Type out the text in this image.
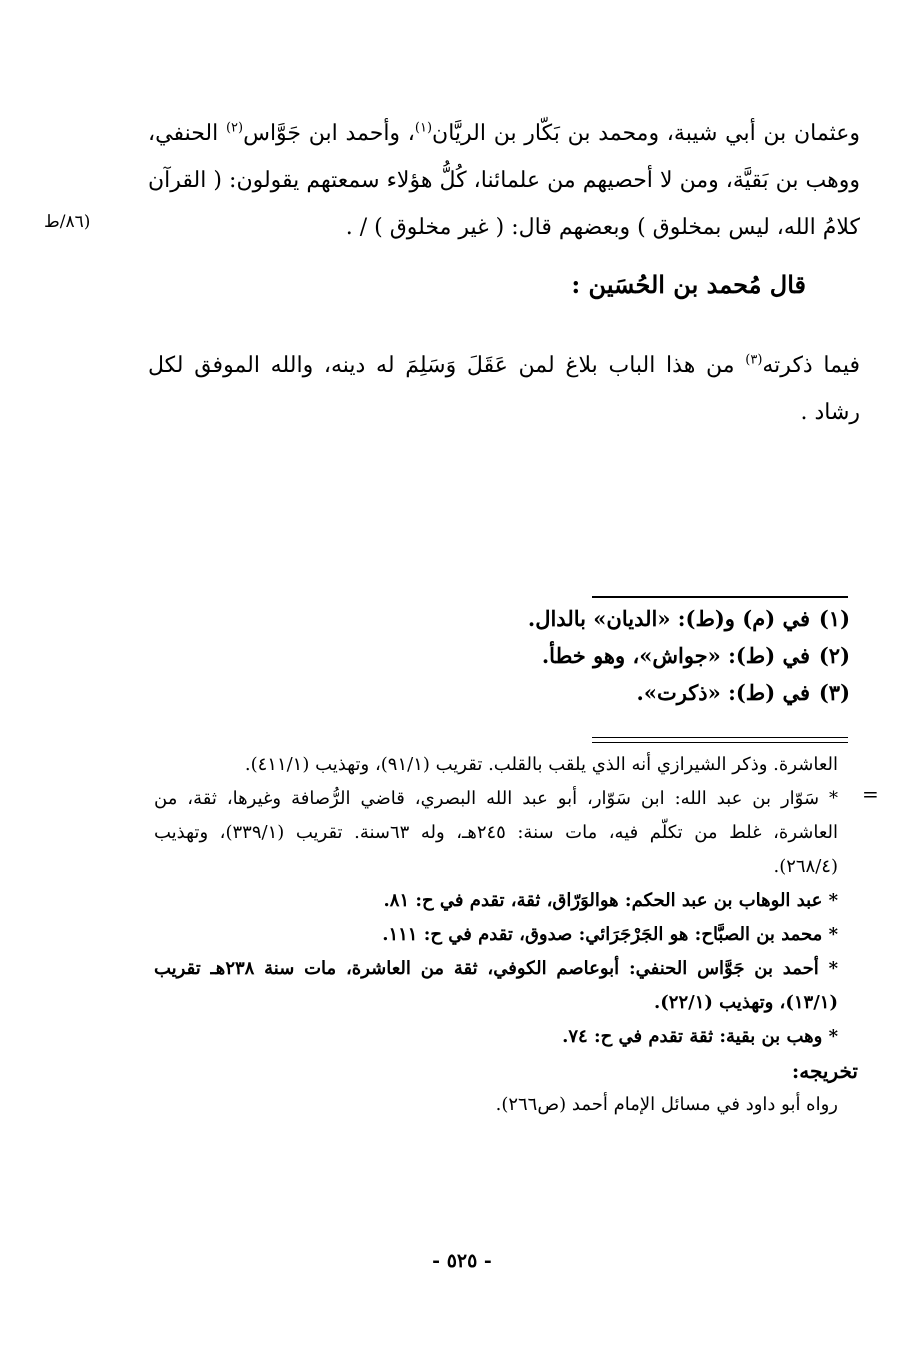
وعثمان بن أبي شيبة، ومحمد بن بَكّار بن الريَّان$^{(١)}$، وأحمد ابن جَوَّاس$^{(٢)}$ الحنفي، ووهب بن بَقيَّة، ومن لا أحصيهم من علمائنا، كُلُّ هؤلاء سمعتهم يقولون: ( القرآن كلامُ الله، ليس بمخلوق ) وبعضهم قال: ( غير مخلوق ) / .

(٨٦/ط
قال مُحمد بن الحُسَين :

فيما ذكرته$^{(٣)}$ من هذا الباب بلاغ لمن عَقَلَ وَسَلِمَ له دينه، والله الموفق لكل رشاد .

(١)في (م) و(ط): «الديان» بالدال.
(٢)في (ط): «جواش»، وهو خطأ.
(٣)في (ط): «ذكرت».
=

العاشرة. وذكر الشيرازي أنه الذي يلقب بالقلب. تقريب (٩١/١)، وتهذيب (٤١١/١).

* سَوّار بن عبد الله: ابن سَوّار، أبو عبد الله البصري، قاضي الرُّصافة وغيرها، ثقة، من العاشرة، غلط من تكلّم فيه، مات سنة: ٢٤٥هـ، وله ٦٣سنة. تقريب (٣٣٩/١)، وتهذيب (٢٦٨/٤).

* عبد الوهاب بن عبد الحكم: هوالوَرّاق، ثقة، تقدم في ح: ٨١.

* محمد بن الصبَّاح: هو الجَرْجَرَائي: صدوق، تقدم في ح: ١١١.

* أحمد بن جَوَّاس الحنفي: أبوعاصم الكوفي، ثقة من العاشرة، مات سنة ٢٣٨هـ تقريب (١٣/١)، وتهذيب (٢٢/١).

* وهب بن بقية: ثقة تقدم في ح: ٧٤.

تخريجه:

رواه أبو داود في مسائل الإمام أحمد (ص٢٦٦).

- ٥٢٥ -
